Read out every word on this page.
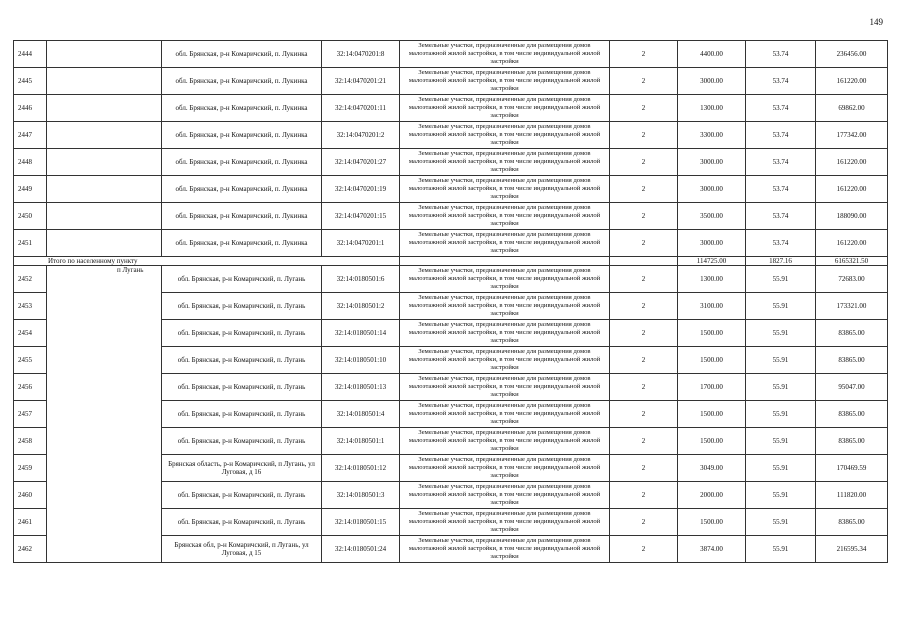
149
2444		обл. Брянская, р-н Комаричский, п. Лукинка	32:14:0470201:8	Земельные участки, предназначенные для размещения домов малоэтажной жилой застройки, в том числе индивидуальной жилой застройки	2	4400.00	53.74	236456.00
2445		обл. Брянская, р-н Комаричский, п. Лукинка	32:14:0470201:21	Земельные участки, предназначенные для размещения домов малоэтажной жилой застройки, в том числе индивидуальной жилой застройки	2	3000.00	53.74	161220.00
2446		обл. Брянская, р-н Комаричский, п. Лукинка	32:14:0470201:11	Земельные участки, предназначенные для размещения домов малоэтажной жилой застройки, в том числе индивидуальной жилой застройки	2	1300.00	53.74	69862.00
2447		обл. Брянская, р-н Комаричский, п. Лукинка	32:14:0470201:2	Земельные участки, предназначенные для размещения домов малоэтажной жилой застройки, в том числе индивидуальной жилой застройки	2	3300.00	53.74	177342.00
2448		обл. Брянская, р-н Комаричский, п. Лукинка	32:14:0470201:27	Земельные участки, предназначенные для размещения домов малоэтажной жилой застройки, в том числе индивидуальной жилой застройки	2	3000.00	53.74	161220.00
2449		обл. Брянская, р-н Комаричский, п. Лукинка	32:14:0470201:19	Земельные участки, предназначенные для размещения домов малоэтажной жилой застройки, в том числе индивидуальной жилой застройки	2	3000.00	53.74	161220.00
2450		обл. Брянская, р-н Комаричский, п. Лукинка	32:14:0470201:15	Земельные участки, предназначенные для размещения домов малоэтажной жилой застройки, в том числе индивидуальной жилой застройки	2	3500.00	53.74	188090.00
2451		обл. Брянская, р-н Комаричский, п. Лукинка	32:14:0470201:1	Земельные участки, предназначенные для размещения домов малоэтажной жилой застройки, в том числе индивидуальной жилой застройки	2	3000.00	53.74	161220.00
Итого по населенному пункту						114725.00	1827.16	6165321.50
2452	п Лугань	обл. Брянская, р-н Комаричский, п. Лугань	32:14:0180501:6	Земельные участки, предназначенные для размещения домов малоэтажной жилой застройки, в том числе индивидуальной жилой застройки	2	1300.00	55.91	72683.00
2453		обл. Брянская, р-н Комаричский, п. Лугань	32:14:0180501:2	Земельные участки, предназначенные для размещения домов малоэтажной жилой застройки, в том числе индивидуальной жилой застройки	2	3100.00	55.91	173321.00
2454		обл. Брянская, р-н Комаричский, п. Лугань	32:14:0180501:14	Земельные участки, предназначенные для размещения домов малоэтажной жилой застройки, в том числе индивидуальной жилой застройки	2	1500.00	55.91	83865.00
2455		обл. Брянская, р-н Комаричский, п. Лугань	32:14:0180501:10	Земельные участки, предназначенные для размещения домов малоэтажной жилой застройки, в том числе индивидуальной жилой застройки	2	1500.00	55.91	83865.00
2456		обл. Брянская, р-н Комаричский, п. Лугань	32:14:0180501:13	Земельные участки, предназначенные для размещения домов малоэтажной жилой застройки, в том числе индивидуальной жилой застройки	2	1700.00	55.91	95047.00
2457		обл. Брянская, р-н Комаричский, п. Лугань	32:14:0180501:4	Земельные участки, предназначенные для размещения домов малоэтажной жилой застройки, в том числе индивидуальной жилой застройки	2	1500.00	55.91	83865.00
2458		обл. Брянская, р-н Комаричский, п. Лугань	32:14:0180501:1	Земельные участки, предназначенные для размещения домов малоэтажной жилой застройки, в том числе индивидуальной жилой застройки	2	1500.00	55.91	83865.00
2459		Брянская область, р-н Комаричский, п Лугань, ул Луговая, д 16	32:14:0180501:12	Земельные участки, предназначенные для размещения домов малоэтажной жилой застройки, в том числе индивидуальной жилой застройки	2	3049.00	55.91	170469.59
2460		обл. Брянская, р-н Комаричский, п. Лугань	32:14:0180501:3	Земельные участки, предназначенные для размещения домов малоэтажной жилой застройки, в том числе индивидуальной жилой застройки	2	2000.00	55.91	111820.00
2461		обл. Брянская, р-н Комаричский, п. Лугань	32:14:0180501:15	Земельные участки, предназначенные для размещения домов малоэтажной жилой застройки, в том числе индивидуальной жилой застройки	2	1500.00	55.91	83865.00
2462		Брянская обл, р-н Комаричский, п Лугань, ул Луговая, д 15	32:14:0180501:24	Земельные участки, предназначенные для размещения домов малоэтажной жилой застройки, в том числе индивидуальной жилой застройки	2	3874.00	55.91	216595.34
